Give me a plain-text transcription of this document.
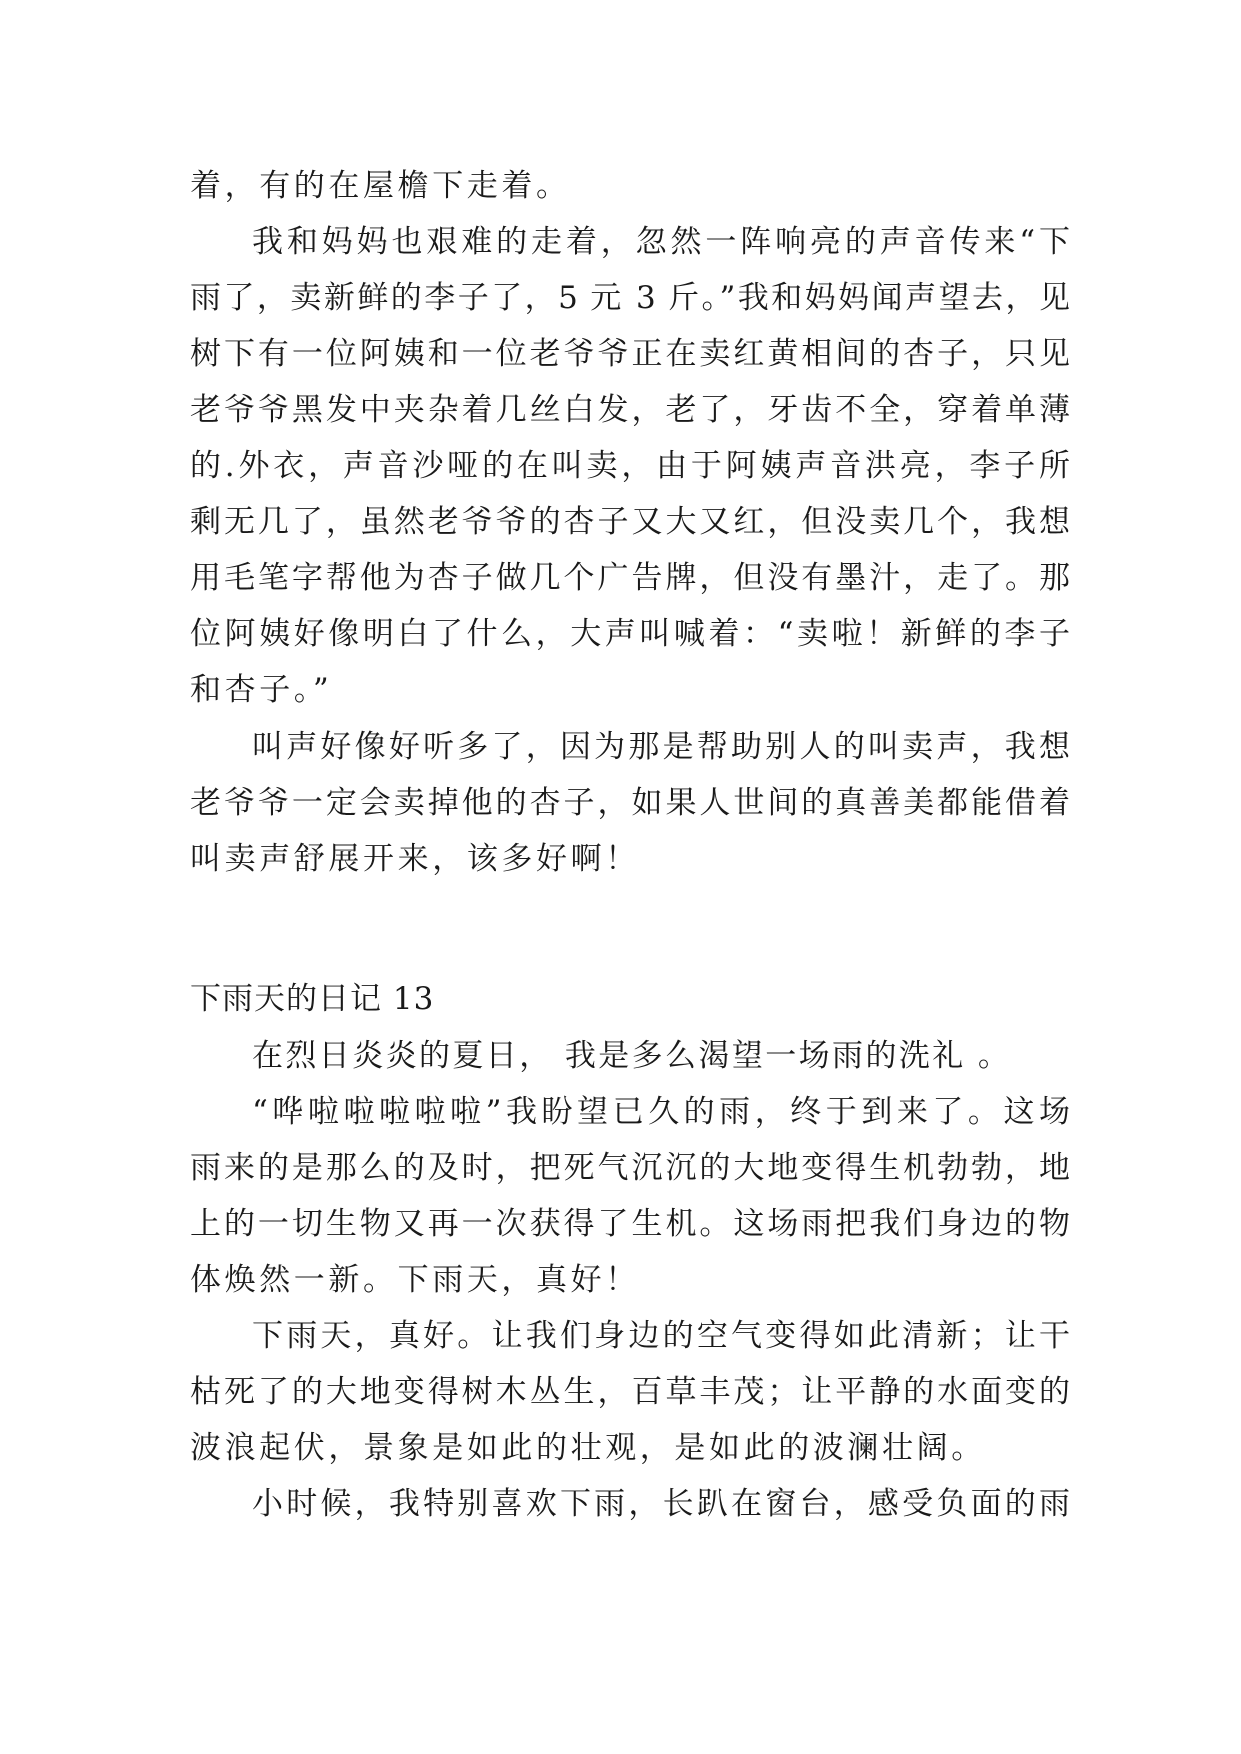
着，有的在屋檐下走着。
我和妈妈也艰难的走着，忽然一阵响亮的声音传来“下
雨了，卖新鲜的李子了，5 元 3 斤。”我和妈妈闻声望去，见
树下有一位阿姨和一位老爷爷正在卖红黄相间的杏子，只见
老爷爷黑发中夹杂着几丝白发，老了，牙齿不全，穿着单薄
的.外衣，声音沙哑的在叫卖，由于阿姨声音洪亮，李子所
剩无几了，虽然老爷爷的杏子又大又红，但没卖几个，我想
用毛笔字帮他为杏子做几个广告牌，但没有墨汁，走了。那
位阿姨好像明白了什么，大声叫喊着：“卖啦！新鲜的李子
和杏子。”
叫声好像好听多了，因为那是帮助别人的叫卖声，我想
老爷爷一定会卖掉他的杏子，如果人世间的真善美都能借着
叫卖声舒展开来，该多好啊！
下雨天的日记 13
在烈日炎炎的夏日， 我是多么渴望一场雨的洗礼 。
“哗啦啦啦啦啦”我盼望已久的雨，终于到来了。这场
雨来的是那么的及时，把死气沉沉的大地变得生机勃勃，地
上的一切生物又再一次获得了生机。这场雨把我们身边的物
体焕然一新。下雨天，真好！
下雨天，真好。让我们身边的空气变得如此清新；让干
枯死了的大地变得树木丛生，百草丰茂；让平静的水面变的
波浪起伏，景象是如此的壮观，是如此的波澜壮阔。
小时候，我特别喜欢下雨，长趴在窗台，感受负面的雨
